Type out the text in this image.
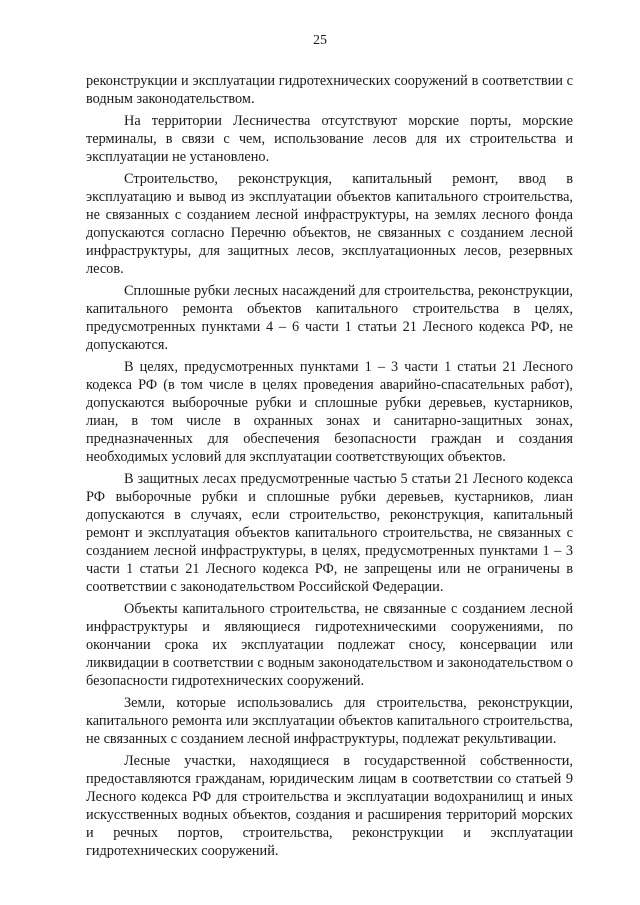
25

реконструкции и эксплуатации гидротехнических сооружений в соответствии с водным законодательством.

На территории Лесничества отсутствуют морские порты, морские терминалы, в связи с чем, использование лесов для их строительства и эксплуатации не установлено.

Строительство, реконструкция, капитальный ремонт, ввод в эксплуатацию и вывод из эксплуатации объектов капитального строительства, не связанных с созданием лесной инфраструктуры, на землях лесного фонда допускаются согласно Перечню объектов, не связанных с созданием лесной инфраструктуры, для защитных лесов, эксплуатационных лесов, резервных лесов.

Сплошные рубки лесных насаждений для строительства, реконструкции, капитального ремонта объектов капитального строительства в целях, предусмотренных пунктами 4 – 6 части 1 статьи 21 Лесного кодекса РФ, не допускаются.

В целях, предусмотренных пунктами 1 – 3 части 1 статьи 21 Лесного кодекса РФ (в том числе в целях проведения аварийно-спасательных работ), допускаются выборочные рубки и сплошные рубки деревьев, кустарников, лиан, в том числе в охранных зонах и санитарно-защитных зонах, предназначенных для обеспечения безопасности граждан и создания необходимых условий для эксплуатации соответствующих объектов.

В защитных лесах предусмотренные частью 5 статьи 21 Лесного кодекса РФ выборочные рубки и сплошные рубки деревьев, кустарников, лиан допускаются в случаях, если строительство, реконструкция, капитальный ремонт и эксплуатация объектов капитального строительства, не связанных с созданием лесной инфраструктуры, в целях, предусмотренных пунктами 1 – 3 части 1 статьи 21 Лесного кодекса РФ, не запрещены или не ограничены в соответствии с законодательством Российской Федерации.

Объекты капитального строительства, не связанные с созданием лесной инфраструктуры и являющиеся гидротехническими сооружениями, по окончании срока их эксплуатации подлежат сносу, консервации или ликвидации в соответствии с водным законодательством и законодательством о безопасности гидротехнических сооружений.

Земли, которые использовались для строительства, реконструкции, капитального ремонта или эксплуатации объектов капитального строительства, не связанных с созданием лесной инфраструктуры, подлежат рекультивации.

Лесные участки, находящиеся в государственной собственности, предоставляются гражданам, юридическим лицам в соответствии со статьей 9 Лесного кодекса РФ для строительства и эксплуатации водохранилищ и иных искусственных водных объектов, создания и расширения территорий морских и речных портов, строительства, реконструкции и эксплуатации гидротехнических сооружений.
